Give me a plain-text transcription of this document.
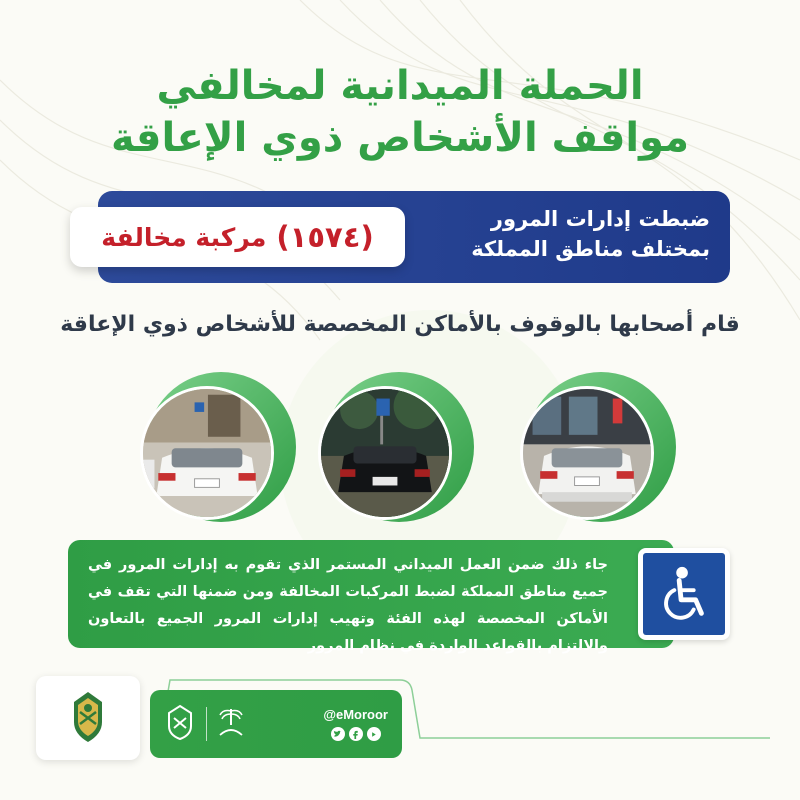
الحملة الميدانية لمخالفي
مواقف الأشخاص ذوي الإعاقة
ضبطت إدارات المرور
بمختلف مناطق المملكة
(١٥٧٤)
مركبة مخالفة
قام أصحابها بالوقوف بالأماكن المخصصة للأشخاص ذوي الإعاقة
جاء ذلك ضمن العمل الميداني المستمر الذي تقوم به إدارات المرور في جميع مناطق المملكة لضبط المركبات المخالفة ومن ضمنها التي تقف في الأماكن المخصصة لهذه الفئة وتهيب إدارات المرور الجميع بالتعاون والالتزام بالقواعد الواردة في نظام المرور
@eMoroor
